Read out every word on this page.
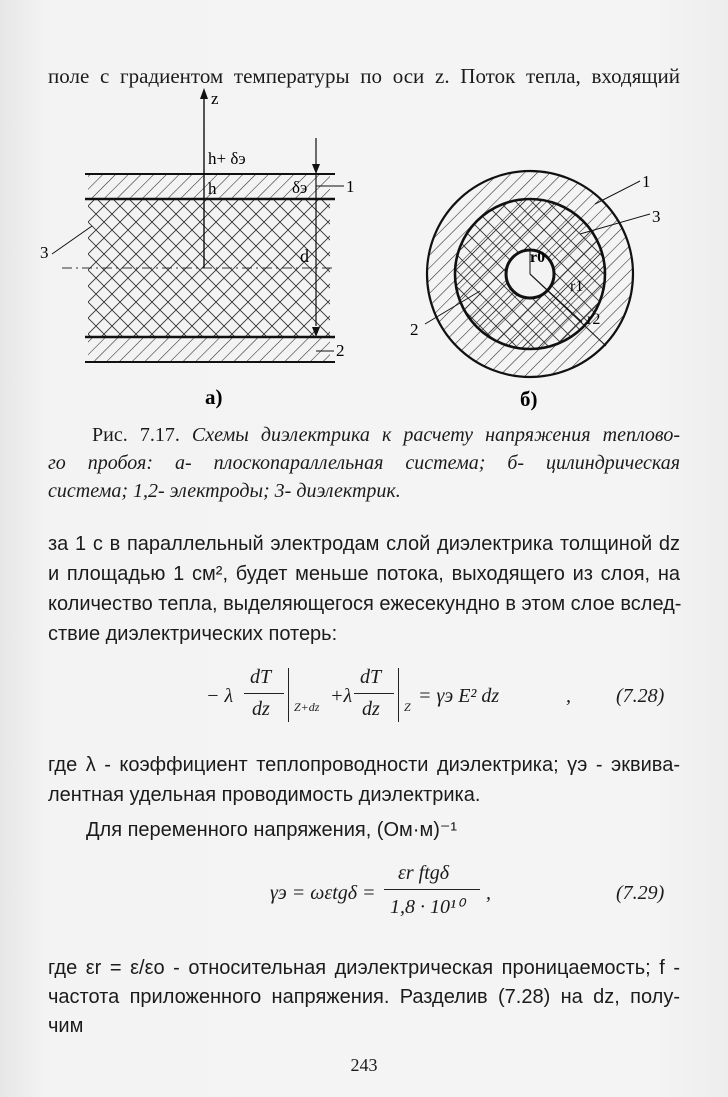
поле с градиентом температуры по оси z. Поток тепла, входящий
z
h+ δэ
h	δэ
d
1
2
3
а)
r0
r1
r2
1
3
2
б)
Рис. 7.17. Схемы диэлектрика к расчету напряжения теплово-
го пробоя: а- плоскопараллельная система; б- цилиндрическая
система; 1,2- электроды; 3- диэлектрик.
за 1 с в параллельный электродам слой диэлектрика толщиной dz
и площадью 1 см², будет меньше потока, выходящего из слоя, на
количество тепла, выделяющегося ежесекундно в этом слое вслед-
ствие диэлектрических потерь:
− λ
dT
dz Z+dz +λ
dT
dz Z = γэ E² dz	, (7.28)
где λ - коэффициент теплопроводности диэлектрика; γэ - эквива-
лентная удельная проводимость диэлектрика.
Для переменного напряжения, (Ом·м)⁻¹
γэ = ωεtgδ =
εr ftgδ
1,8 · 10¹⁰
,	(7.29)
где εr = ε/εo - относительная диэлектрическая проницаемость; f -
частота приложенного напряжения. Разделив (7.28) на dz, полу-
чим
243
